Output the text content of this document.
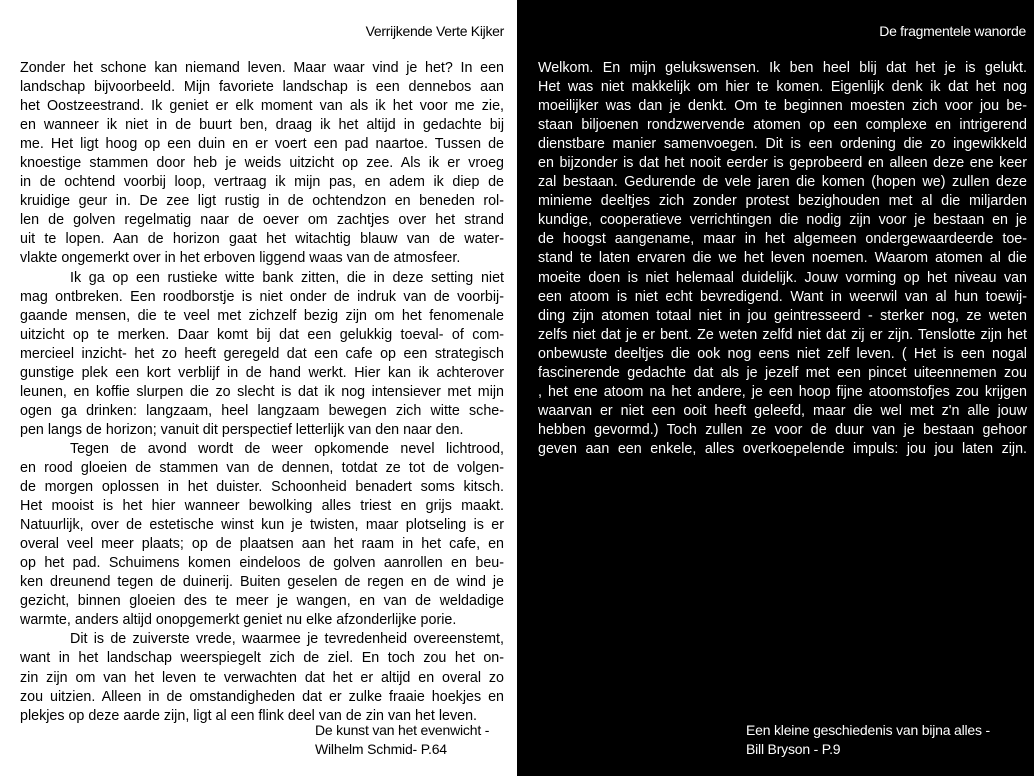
Verrijkende Verte Kijker
Zonder het schone kan niemand leven. Maar waar vind je het? In een
landschap bijvoorbeeld. Mijn favoriete landschap is een dennebos aan
het Oostzeestrand. Ik geniet er elk moment van als ik het voor me zie,
en wanneer ik niet in de buurt ben, draag ik het altijd in gedachte bij
me. Het ligt hoog op een duin en er voert een pad naartoe. Tussen de
knoestige stammen door heb je weids uitzicht op zee. Als ik er vroeg
in de ochtend voorbij loop, vertraag ik mijn pas, en adem ik diep de
kruidige geur in. De zee ligt rustig in de ochtendzon en beneden rol-
len de golven regelmatig naar de oever om zachtjes over het strand
uit te lopen. Aan de horizon gaat het witachtig blauw van de water-
vlakte ongemerkt over in het erboven liggend waas van de atmosfeer.
Ik ga op een rustieke witte bank zitten, die in deze setting niet
mag ontbreken. Een roodborstje is niet onder de indruk van de voorbij-
gaande mensen, die te veel met zichzelf bezig zijn om het fenomenale
uitzicht op te merken. Daar komt bij dat een gelukkig toeval- of com-
mercieel inzicht- het zo heeft geregeld dat een cafe op een strategisch
gunstige plek een kort verblijf in de hand werkt. Hier kan ik achterover
leunen, en koffie slurpen die zo slecht is dat ik nog intensiever met mijn
ogen ga drinken: langzaam, heel langzaam bewegen zich witte sche-
pen langs de horizon; vanuit dit perspectief letterlijk van den naar den.
Tegen de avond wordt de weer opkomende nevel lichtrood,
en rood gloeien de stammen van de dennen, totdat ze tot de volgen-
de morgen oplossen in het duister. Schoonheid benadert soms kitsch.
Het mooist is het hier wanneer bewolking alles triest en grijs maakt.
Natuurlijk, over de estetische winst kun je twisten, maar plotseling is er
overal veel meer plaats; op de plaatsen aan het raam in het cafe, en
op het pad. Schuimens komen eindeloos de golven aanrollen en beu-
ken dreunend tegen de duinerij. Buiten geselen de regen en de wind je
gezicht, binnen gloeien des te meer je wangen, en van de weldadige
warmte, anders altijd onopgemerkt geniet nu elke afzonderlijke porie.
Dit is de zuiverste vrede, waarmee je tevredenheid overeenstemt,
want in het landschap weerspiegelt zich de ziel. En toch zou het on-
zin zijn om van het leven te verwachten dat het er altijd en overal zo
zou uitzien. Alleen in de omstandigheden dat er zulke fraaie hoekjes en
plekjes op deze aarde zijn, ligt al een flink deel van de zin van het leven.
De kunst van het evenwicht -
Wilhelm Schmid- P.64
De fragmentele wanorde
Welkom. En mijn gelukswensen. Ik ben heel blij dat het je is gelukt.
Het was niet makkelijk om hier te komen. Eigenlijk denk ik dat het nog
moeilijker was dan je denkt. Om te beginnen moesten zich voor jou be-
staan biljoenen rondzwervende atomen op een complexe en intrigerend
dienstbare manier samenvoegen. Dit is een ordening die zo ingewikkeld
en bijzonder is dat het nooit eerder is geprobeerd en alleen deze ene keer
zal bestaan. Gedurende de vele jaren die komen (hopen we) zullen deze
minieme deeltjes zich zonder protest bezighouden met al die miljarden
kundige, cooperatieve verrichtingen die nodig zijn voor je bestaan en je
de hoogst aangename, maar in het algemeen ondergewaardeerde toe-
stand te laten ervaren die we het leven noemen. Waarom atomen al die
moeite doen is niet helemaal duidelijk. Jouw vorming op het niveau van
een atoom is niet echt bevredigend. Want in weerwil van al hun toewij-
ding zijn atomen totaal niet in jou geintresseerd - sterker nog, ze weten
zelfs niet dat je er bent. Ze weten zelfd niet dat zij er zijn. Tenslotte zijn het
onbewuste deeltjes die ook nog eens niet zelf leven. ( Het is een nogal
fascinerende gedachte dat als je jezelf met een pincet uiteennemen zou
, het ene atoom na het andere, je een hoop fijne atoomstofjes zou krijgen
waarvan er niet een ooit heeft geleefd, maar die wel met z'n alle jouw
hebben gevormd.) Toch zullen ze voor de duur van je bestaan gehoor
geven aan een enkele, alles overkoepelende impuls: jou jou laten zijn.
Een kleine geschiedenis van bijna alles -
Bill Bryson - P.9
